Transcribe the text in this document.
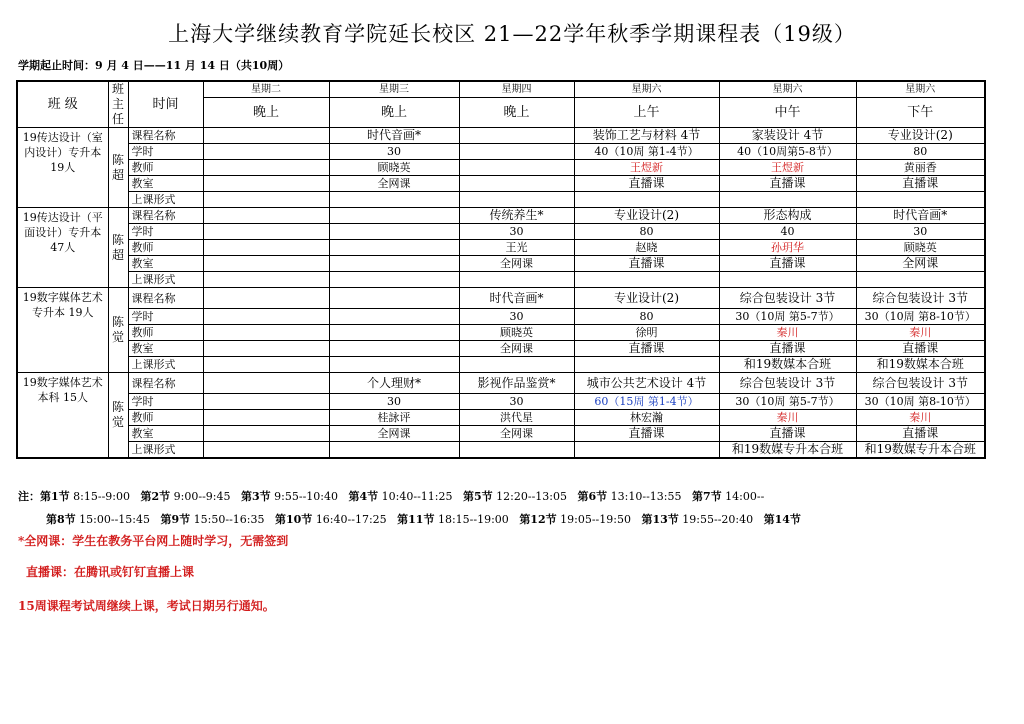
上海大学继续教育学院延长校区 21—22学年秋季学期课程表（19级）
学期起止时间：9 月 4 日——11 月 14 日（共10周）
班 级	班主任	时间	星期二	星期三	星期四	星期六	星期六	星期六
			晚上	晚上	晚上	上午	中午	下午
19传达设计（室内设计）专升本 19人	陈超	课程名称		时代音画*		装饰工艺与材料 4节	家装设计 4节	专业设计(2)
		学时		30		40（10周 第1-4节）	40（10周第5-8节）	80
		教师		顾晓英		王煜新	王煜新	黄丽香
		教室		全网课		直播课	直播课	直播课
		上课形式						
19传达设计（平面设计）专升本 47人	陈超	课程名称			传统养生*	专业设计(2)	形态构成	时代音画*
		学时			30	80	40	30
		教师			王光	赵晓	孙玥华	顾晓英
		教室			全网课	直播课	直播课	全网课
		上课形式						
19数字媒体艺术 专升本 19人	陈觉	课程名称			时代音画*	专业设计(2)	综合包装设计 3节	综合包装设计 3节
		学时			30	80	30（10周 第5-7节）	30（10周 第8-10节）
		教师			顾晓英	徐明	秦川	秦川
		教室			全网课	直播课	直播课	直播课
		上课形式					和19数媒本合班	和19数媒本合班
19数字媒体艺术 本科 15人	陈觉	课程名称		个人理财*	影视作品鉴赏*	城市公共艺术设计 4节	综合包装设计 3节	综合包装设计 3节
		学时		30	30	60（15周 第1-4节）	30（10周 第5-7节）	30（10周 第8-10节）
		教师		桂詠评	洪代星	林宏瀚	秦川	秦川
		教室		全网课	全网课	直播课	直播课	直播课
		上课形式					和19数媒专升本合班	和19数媒专升本合班
注：第1节 8:15--9:00 第2节 9:00--9:45 第3节 9:55--10:40 第4节 10:40--11:25 第5节 12:20--13:05 第6节 13:10--13:55 第7节 14:00--
第8节 15:00--15:45 第9节 15:50--16:35 第10节 16:40--17:25 第11节 18:15--19:00 第12节 19:05--19:50 第13节 19:55--20:40 第14节
*全网课：学生在教务平台网上随时学习，无需签到
直播课：在腾讯或钉钉直播上课
15周课程考试周继续上课，考试日期另行通知。
